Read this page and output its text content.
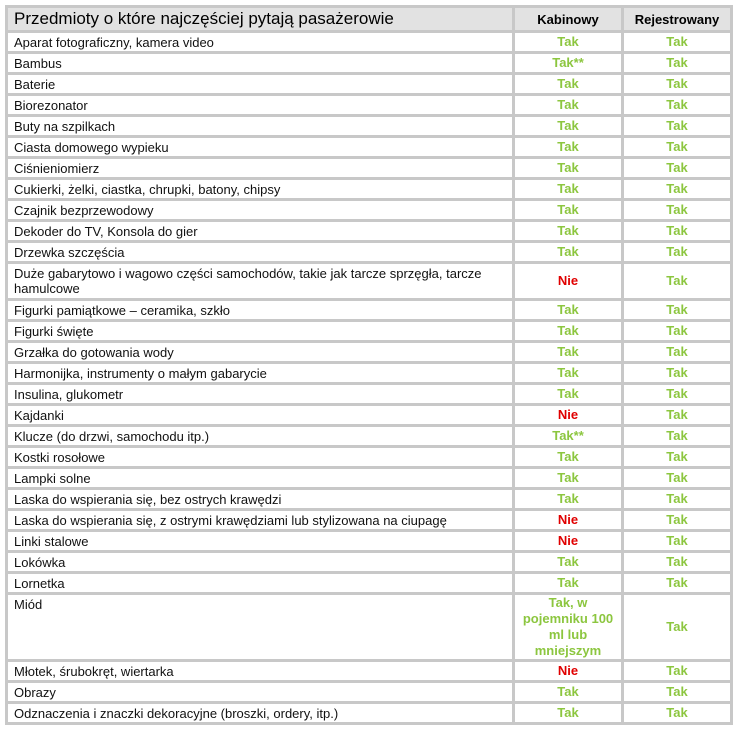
Przedmioty o które najczęściej pytają pasażerowie	Kabinowy	Rejestrowany
Aparat fotograficzny, kamera video	Tak	Tak
Bambus	Tak**	Tak
Baterie	Tak	Tak
Biorezonator	Tak	Tak
Buty na szpilkach	Tak	Tak
Ciasta domowego wypieku	Tak	Tak
Ciśnieniomierz	Tak	Tak
Cukierki, żelki, ciastka, chrupki, batony, chipsy	Tak	Tak
Czajnik bezprzewodowy	Tak	Tak
Dekoder do TV, Konsola do gier	Tak	Tak
Drzewka szczęścia	Tak	Tak
Duże gabarytowo i wagowo części samochodów, takie jak tarcze sprzęgła, tarcze hamulcowe	Nie	Tak
Figurki pamiątkowe – ceramika, szkło	Tak	Tak
Figurki święte	Tak	Tak
Grzałka do gotowania wody	Tak	Tak
Harmonijka, instrumenty o małym gabarycie	Tak	Tak
Insulina, glukometr	Tak	Tak
Kajdanki	Nie	Tak
Klucze (do drzwi, samochodu itp.)	Tak**	Tak
Kostki rosołowe	Tak	Tak
Lampki solne	Tak	Tak
Laska do wspierania się, bez ostrych krawędzi	Tak	Tak
Laska do wspierania się, z ostrymi krawędziami lub stylizowana na ciupagę	Nie	Tak
Linki stalowe	Nie	Tak
Lokówka	Tak	Tak
Lornetka	Tak	Tak
Miód	Tak, w pojemniku 100 ml lub mniejszym	Tak
Młotek, śrubokręt, wiertarka	Nie	Tak
Obrazy	Tak	Tak
Odznaczenia i znaczki dekoracyjne (broszki, ordery, itp.)	Tak	Tak
